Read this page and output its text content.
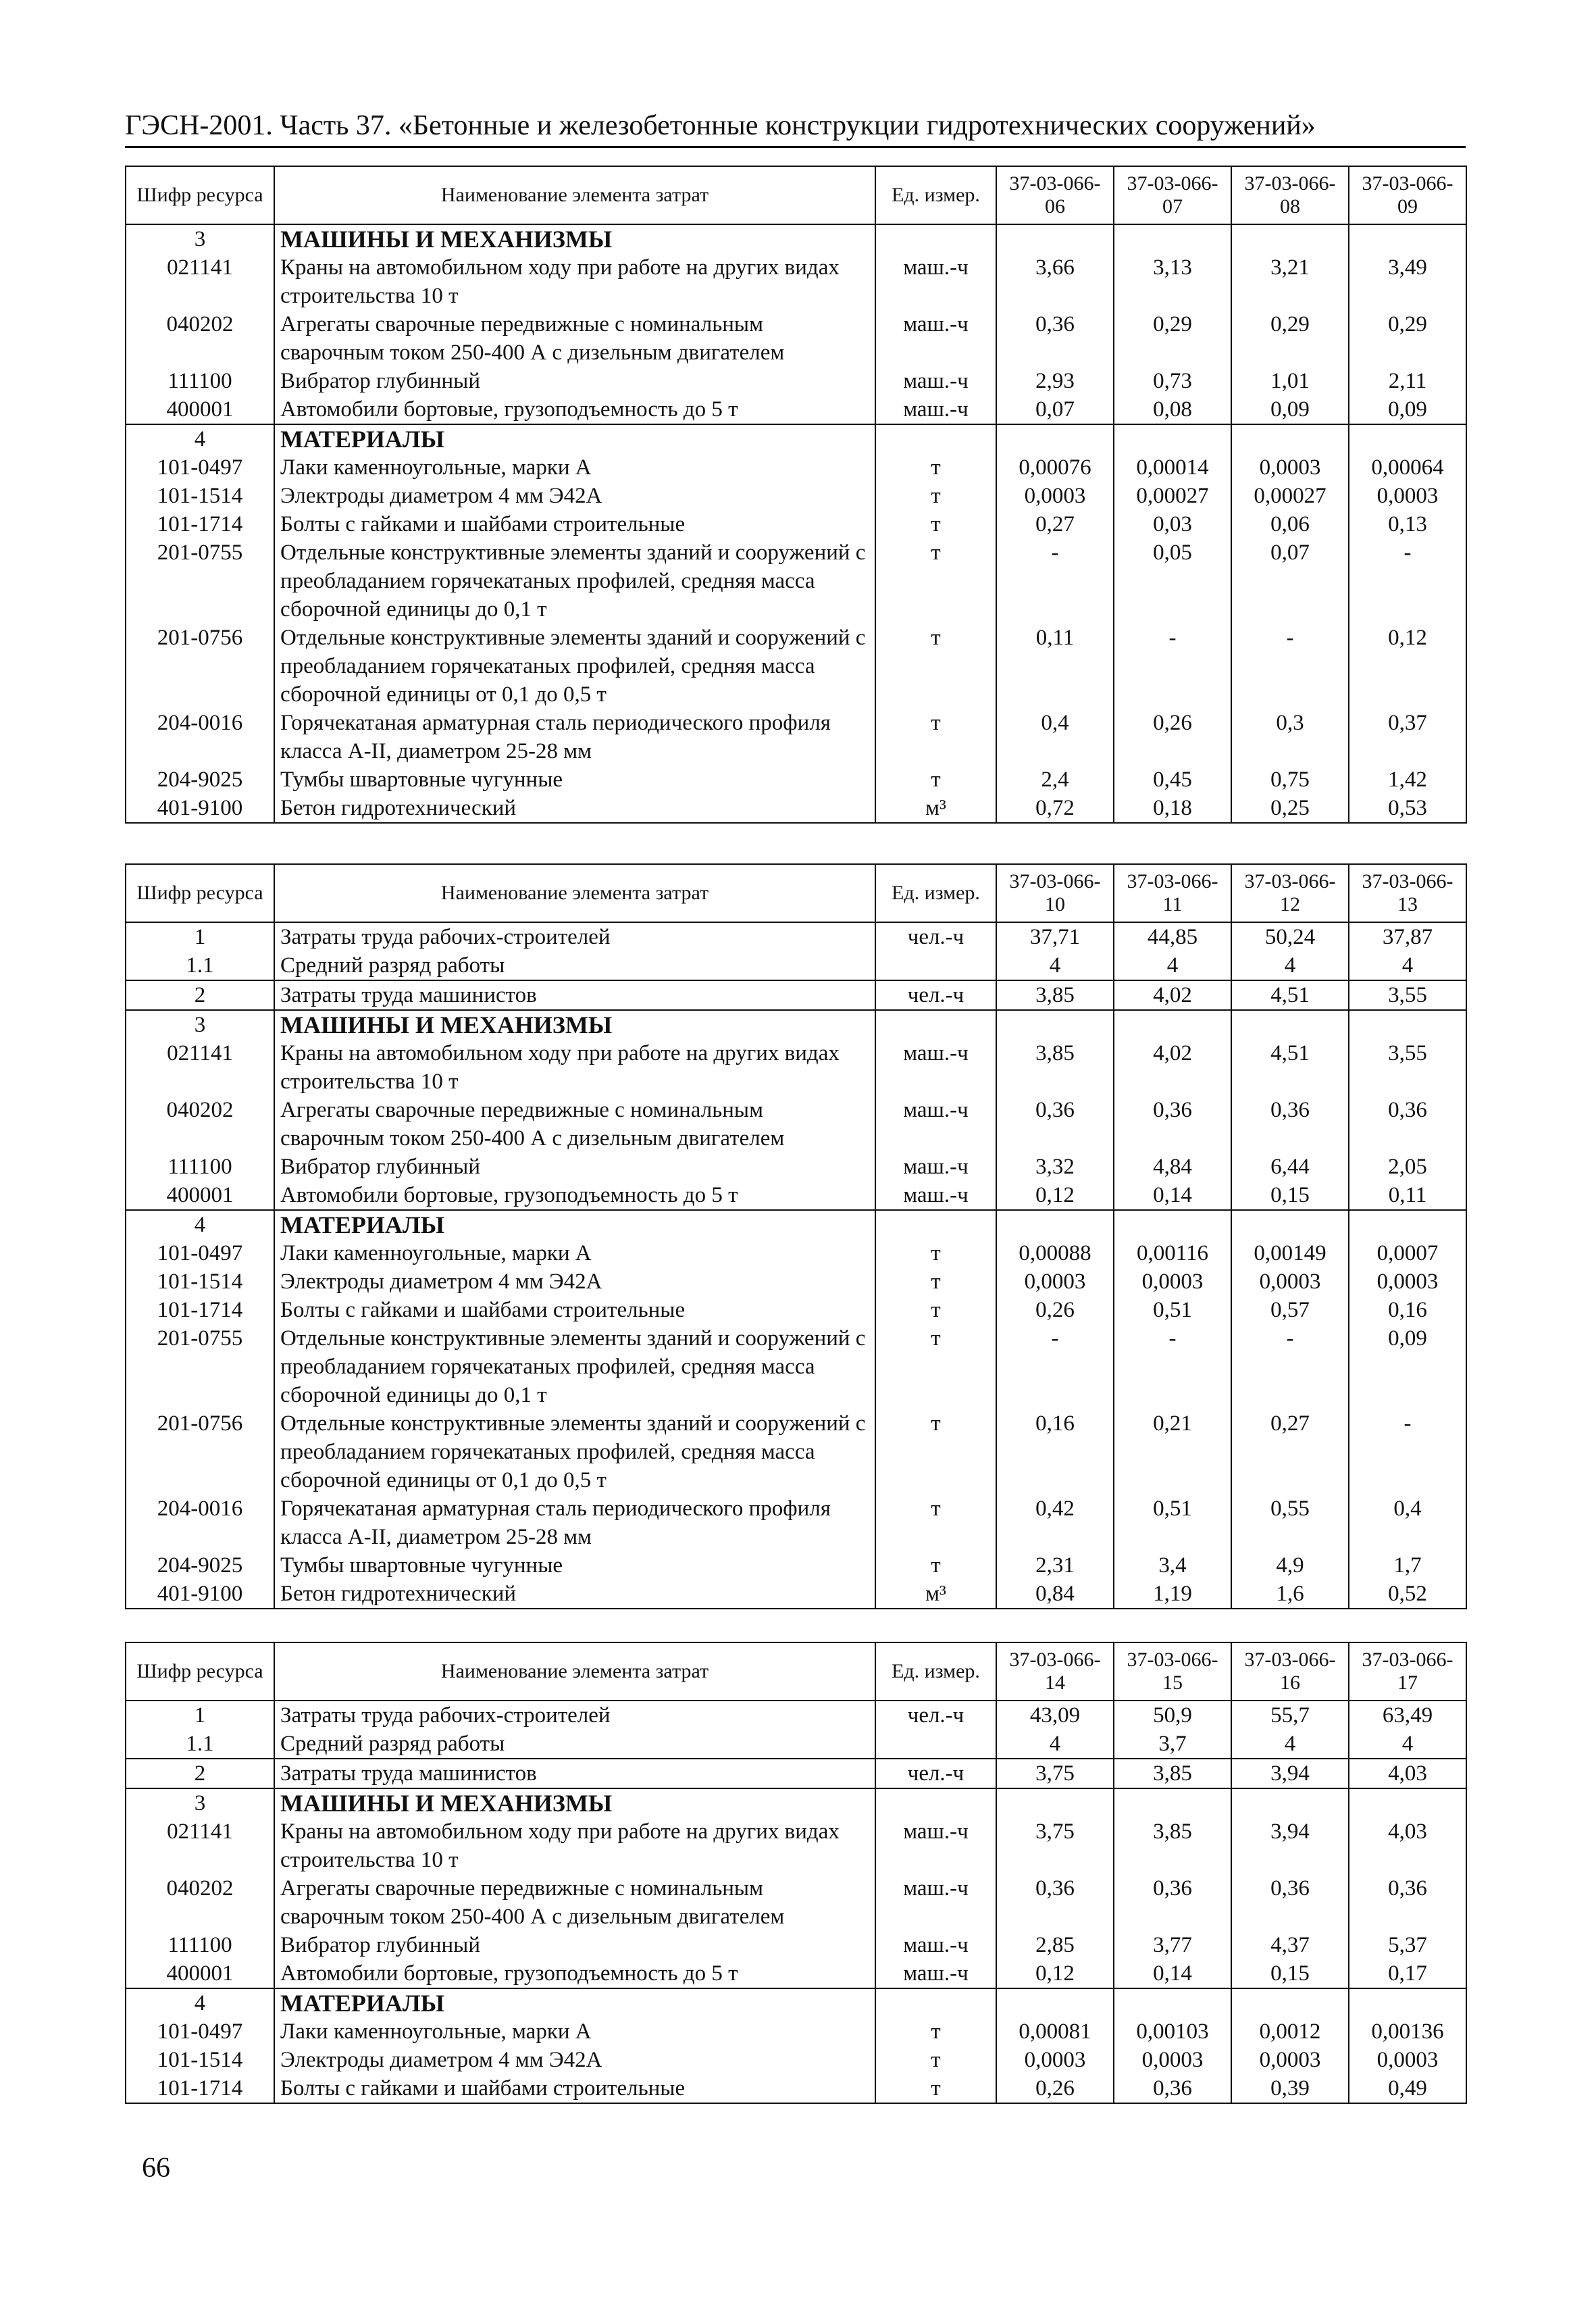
ГЭСН-2001. Часть 37. «Бетонные и железобетонные конструкции гидротехнических сооружений»
Шифр ресурса	Наименование элемента затрат	Ед. измер.	37-03-066-06	37-03-066-07	37-03-066-08	37-03-066-09
3	МАШИНЫ И МЕХАНИЗМЫ					
021141	Краны на автомобильном ходу при работе на других видах строительства 10 т	маш.-ч	3,66	3,13	3,21	3,49
040202	Агрегаты сварочные передвижные с номинальным сварочным током 250-400 А с дизельным двигателем	маш.-ч	0,36	0,29	0,29	0,29
111100	Вибратор глубинный	маш.-ч	2,93	0,73	1,01	2,11
400001	Автомобили бортовые, грузоподъемность до 5 т	маш.-ч	0,07	0,08	0,09	0,09
4	МАТЕРИАЛЫ					
101-0497	Лаки каменноугольные, марки А	т	0,00076	0,00014	0,0003	0,00064
101-1514	Электроды диаметром 4 мм Э42А	т	0,0003	0,00027	0,00027	0,0003
101-1714	Болты с гайками и шайбами строительные	т	0,27	0,03	0,06	0,13
201-0755	Отдельные конструктивные элементы зданий и сооружений с преобладанием горячекатаных профилей, средняя масса сборочной единицы до 0,1 т	т	-	0,05	0,07	-
201-0756	Отдельные конструктивные элементы зданий и сооружений с преобладанием горячекатаных профилей, средняя масса сборочной единицы от 0,1 до 0,5 т	т	0,11	-	-	0,12
204-0016	Горячекатаная арматурная сталь периодического профиля класса А-II, диаметром 25-28 мм	т	0,4	0,26	0,3	0,37
204-9025	Тумбы швартовные чугунные	т	2,4	0,45	0,75	1,42
401-9100	Бетон гидротехнический	м³	0,72	0,18	0,25	0,53
Шифр ресурса	Наименование элемента затрат	Ед. измер.	37-03-066-10	37-03-066-11	37-03-066-12	37-03-066-13
1	Затраты труда рабочих-строителей	чел.-ч	37,71	44,85	50,24	37,87
1.1	Средний разряд работы		4	4	4	4
2	Затраты труда машинистов	чел.-ч	3,85	4,02	4,51	3,55
3	МАШИНЫ И МЕХАНИЗМЫ					
021141	Краны на автомобильном ходу при работе на других видах строительства 10 т	маш.-ч	3,85	4,02	4,51	3,55
040202	Агрегаты сварочные передвижные с номинальным сварочным током 250-400 А с дизельным двигателем	маш.-ч	0,36	0,36	0,36	0,36
111100	Вибратор глубинный	маш.-ч	3,32	4,84	6,44	2,05
400001	Автомобили бортовые, грузоподъемность до 5 т	маш.-ч	0,12	0,14	0,15	0,11
4	МАТЕРИАЛЫ					
101-0497	Лаки каменноугольные, марки А	т	0,00088	0,00116	0,00149	0,0007
101-1514	Электроды диаметром 4 мм Э42А	т	0,0003	0,0003	0,0003	0,0003
101-1714	Болты с гайками и шайбами строительные	т	0,26	0,51	0,57	0,16
201-0755	Отдельные конструктивные элементы зданий и сооружений с преобладанием горячекатаных профилей, средняя масса сборочной единицы до 0,1 т	т	-	-	-	0,09
201-0756	Отдельные конструктивные элементы зданий и сооружений с преобладанием горячекатаных профилей, средняя масса сборочной единицы от 0,1 до 0,5 т	т	0,16	0,21	0,27	-
204-0016	Горячекатаная арматурная сталь периодического профиля класса А-II, диаметром 25-28 мм	т	0,42	0,51	0,55	0,4
204-9025	Тумбы швартовные чугунные	т	2,31	3,4	4,9	1,7
401-9100	Бетон гидротехнический	м³	0,84	1,19	1,6	0,52
Шифр ресурса	Наименование элемента затрат	Ед. измер.	37-03-066-14	37-03-066-15	37-03-066-16	37-03-066-17
1	Затраты труда рабочих-строителей	чел.-ч	43,09	50,9	55,7	63,49
1.1	Средний разряд работы		4	3,7	4	4
2	Затраты труда машинистов	чел.-ч	3,75	3,85	3,94	4,03
3	МАШИНЫ И МЕХАНИЗМЫ					
021141	Краны на автомобильном ходу при работе на других видах строительства 10 т	маш.-ч	3,75	3,85	3,94	4,03
040202	Агрегаты сварочные передвижные с номинальным сварочным током 250-400 А с дизельным двигателем	маш.-ч	0,36	0,36	0,36	0,36
111100	Вибратор глубинный	маш.-ч	2,85	3,77	4,37	5,37
400001	Автомобили бортовые, грузоподъемность до 5 т	маш.-ч	0,12	0,14	0,15	0,17
4	МАТЕРИАЛЫ					
101-0497	Лаки каменноугольные, марки А	т	0,00081	0,00103	0,0012	0,00136
101-1514	Электроды диаметром 4 мм Э42А	т	0,0003	0,0003	0,0003	0,0003
101-1714	Болты с гайками и шайбами строительные	т	0,26	0,36	0,39	0,49
66
